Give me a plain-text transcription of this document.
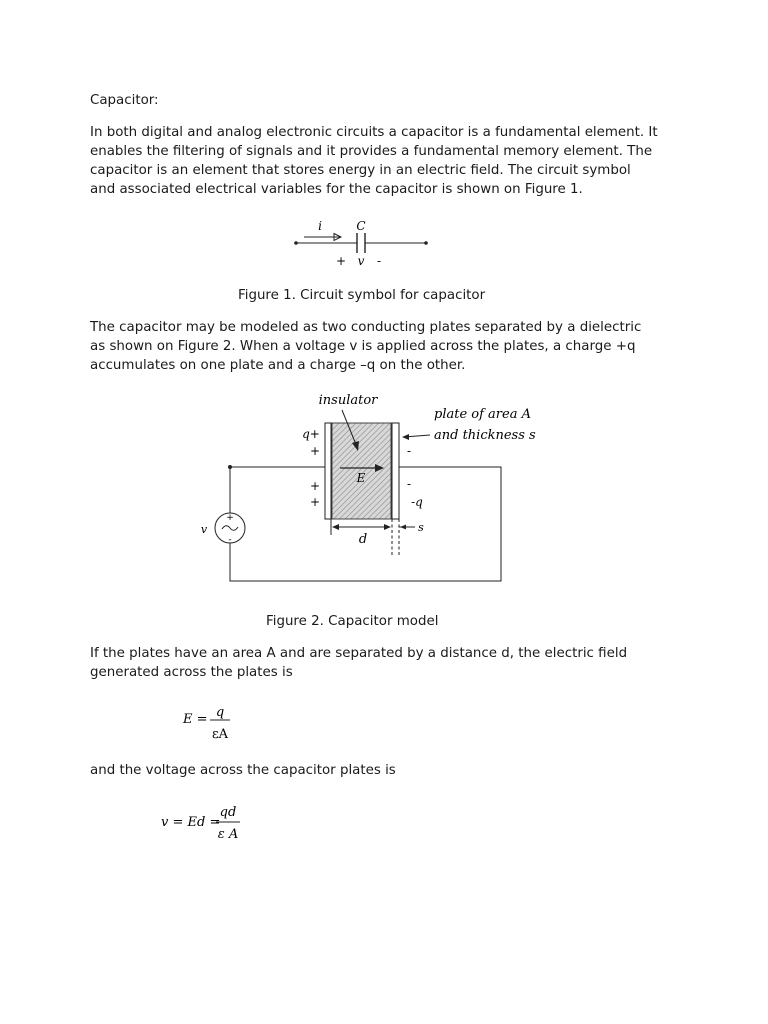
Capacitor:

In both digital and analog electronic circuits a capacitor is a fundamental element. It

enables the filtering of signals and it provides a fundamental memory element. The

capacitor is an element that stores energy in an electric field. The circuit symbol

and associated electrical variables for the capacitor is shown on Figure 1.

i	C
+ v -

Figure 1. Circuit symbol for capacitor

The capacitor may be modeled as two conducting plates separated by a dielectric

as shown on Figure 2. When a voltage v is applied across the plates, a charge +q

accumulates on one plate and a charge –q on the other.

+
-
v
E
insulator
plate of area A
and thickness s
q+
+
+
+
-
-
-q
d
s

Figure 2. Capacitor model

If the plates have an area A and are separated by a distance d, the electric field

generated across the plates is

E = q
εA

and the voltage across the capacitor plates is

v = Ed =
qd
ε A
